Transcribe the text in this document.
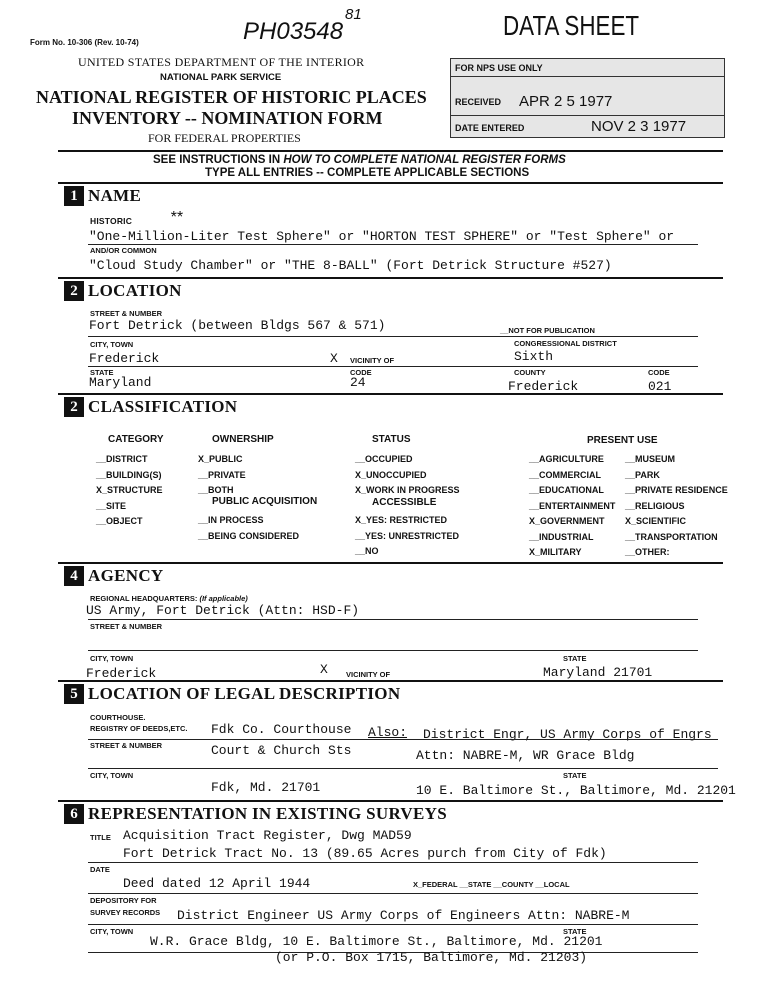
Form No. 10-306 (Rev. 10-74)	PH03548
81	DATA SHEET
UNITED STATES DEPARTMENT OF THE INTERIOR
NATIONAL PARK SERVICE
NATIONAL REGISTER OF HISTORIC PLACES
INVENTORY -- NOMINATION FORM
FOR FEDERAL PROPERTIES
FOR NPS USE ONLY
RECEIVED APR 2 5 1977
DATE ENTERED	NOV 2 3 1977
SEE INSTRUCTIONS IN HOW TO COMPLETE NATIONAL REGISTER FORMS
TYPE ALL ENTRIES -- COMPLETE APPLICABLE SECTIONS
1 NAME
HISTORIC **
"One-Million-Liter Test Sphere" or "HORTON TEST SPHERE" or "Test Sphere" or
AND/OR COMMON
"Cloud Study Chamber" or "THE 8-BALL" (Fort Detrick Structure #527)
2 LOCATION
STREET & NUMBER
Fort Detrick (between Bldgs 567 & 571)	__NOT FOR PUBLICATION
CITY, TOWN	CONGRESSIONAL DISTRICT
Frederick	X VICINITY OF	Sixth
STATE	CODE	COUNTY	CODE
Maryland	24	Frederick	021
2 CLASSIFICATION
CATEGORY
__DISTRICT
__BUILDING(S)
X_STRUCTURE
__SITE
__OBJECT
OWNERSHIP
X_PUBLIC
__PRIVATE
__BOTH
PUBLIC ACQUISITION
__IN PROCESS
__BEING CONSIDERED
STATUS
__OCCUPIED
X_UNOCCUPIED
X_WORK IN PROGRESS
ACCESSIBLE
X_YES: RESTRICTED
__YES: UNRESTRICTED
__NO
PRESENT USE
__AGRICULTURE
__COMMERCIAL
__EDUCATIONAL
__ENTERTAINMENT
X_GOVERNMENT
__INDUSTRIAL
X_MILITARY
__MUSEUM
__PARK
__PRIVATE RESIDENCE
__RELIGIOUS
X_SCIENTIFIC
__TRANSPORTATION
__OTHER:
4 AGENCY
REGIONAL HEADQUARTERS: (If applicable)
US Army, Fort Detrick (Attn: HSD-F)
STREET & NUMBER
CITY, TOWN	STATE
Frederick	X VICINITY OF	Maryland 21701
5 LOCATION OF LEGAL DESCRIPTION
COURTHOUSE.
REGISTRY OF DEEDS,ETC. Fdk Co. Courthouse Also: District Engr, US Army Corps of Engrs
STREET & NUMBER	Court & Church Sts	Attn: NABRE-M, WR Grace Bldg
CITY, TOWN	STATE
Fdk, Md. 21701	10 E. Baltimore St., Baltimore, Md. 21201
6 REPRESENTATION IN EXISTING SURVEYS
TITLE Acquisition Tract Register, Dwg MAD59
Fort Detrick Tract No. 13 (89.65 Acres purch from City of Fdk)
DATE
Deed dated 12 April 1944	X_FEDERAL __STATE __COUNTY __LOCAL
DEPOSITORY FOR
SURVEY RECORDS District Engineer US Army Corps of Engineers Attn: NABRE-M
CITY, TOWN	STATE
W.R. Grace Bldg, 10 E. Baltimore St., Baltimore, Md. 21201
(or P.O. Box 1715, Baltimore, Md. 21203)
